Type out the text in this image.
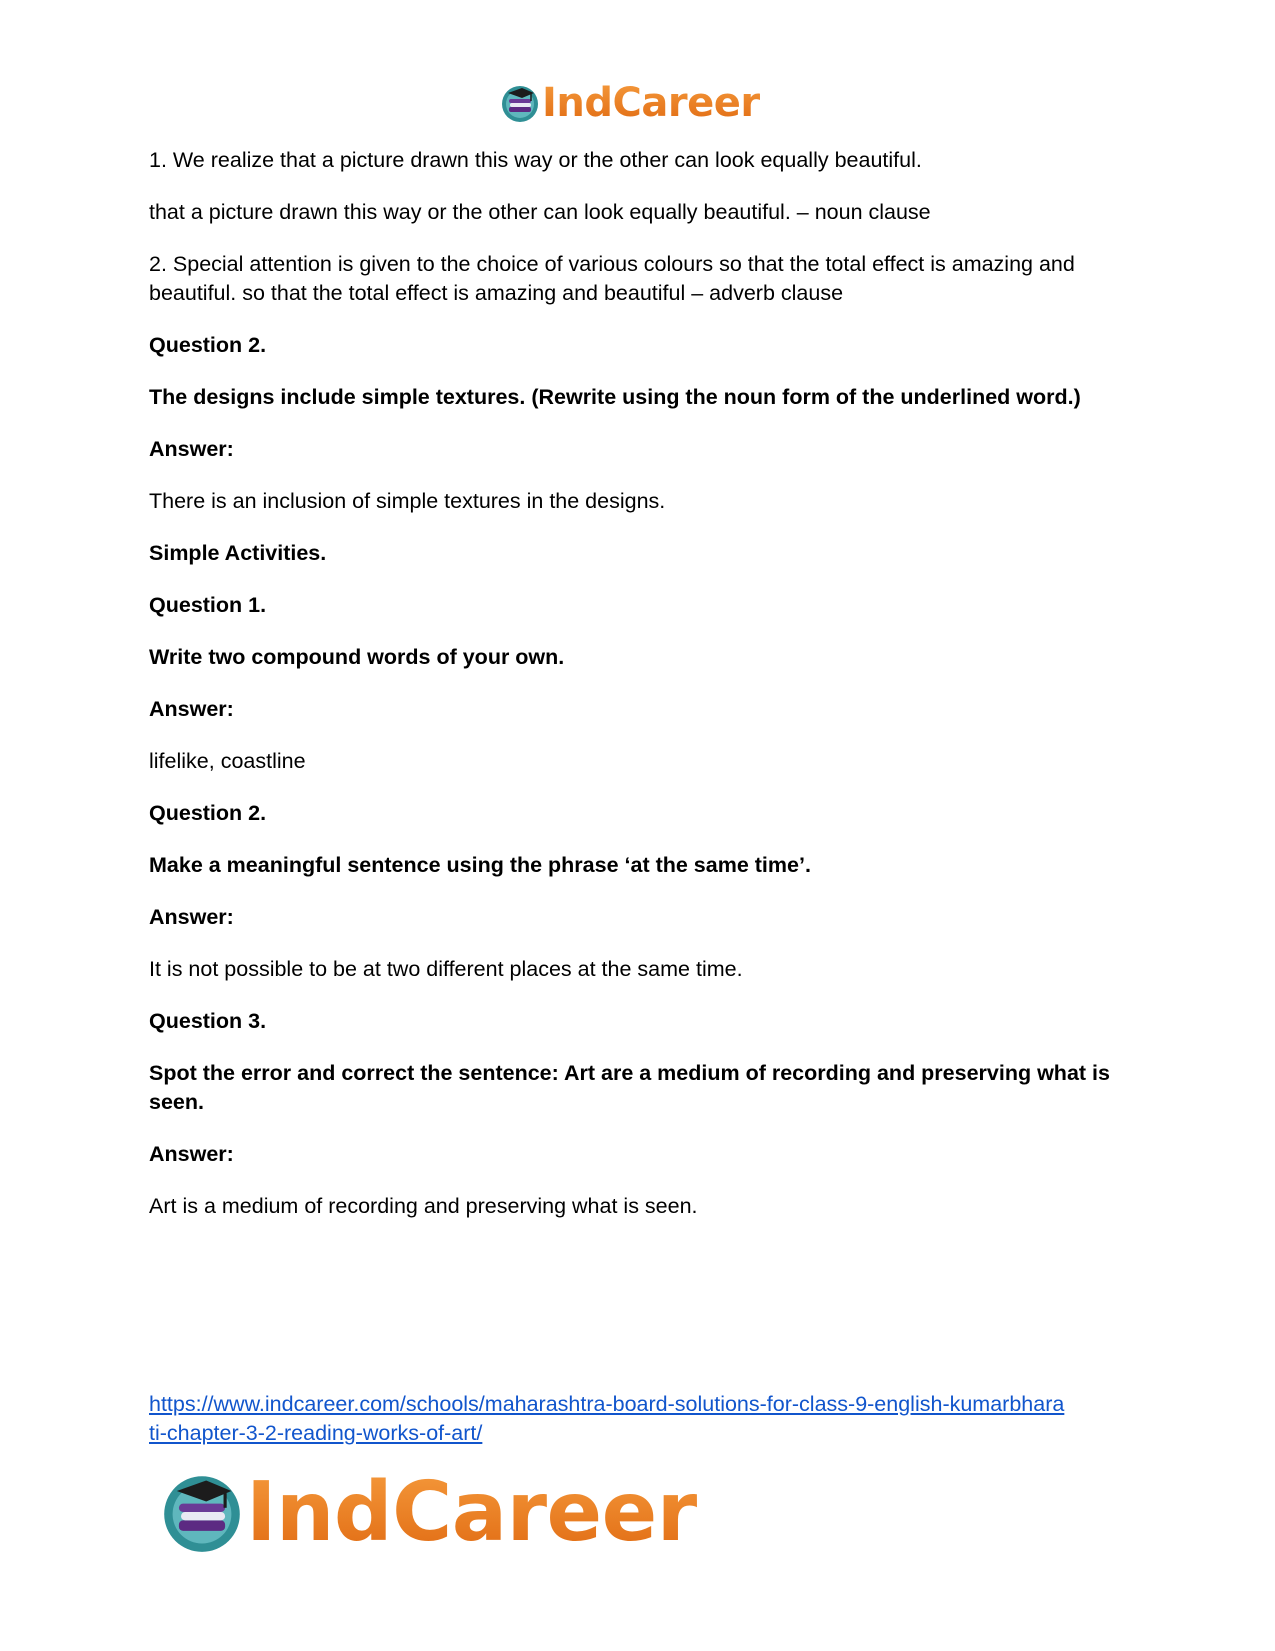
IndCareer

1. We realize that a picture drawn this way or the other can look equally beautiful.

that a picture drawn this way or the other can look equally beautiful. – noun clause

2. Special attention is given to the choice of various colours so that the total effect is amazing and beautiful. so that the total effect is amazing and beautiful – adverb clause

Question 2.

The designs include simple textures. (Rewrite using the noun form of the underlined word.)

Answer:

There is an inclusion of simple textures in the designs.

Simple Activities.

Question 1.

Write two compound words of your own.

Answer:

lifelike, coastline

Question 2.

Make a meaningful sentence using the phrase ‘at the same time’.

Answer:

It is not possible to be at two different places at the same time.

Question 3.

Spot the error and correct the sentence: Art are a medium of recording and preserving what is seen.

Answer:

Art is a medium of recording and preserving what is seen.

https://www.indcareer.com/schools/maharashtra-board-solutions-for-class-9-english-kumarbhara
ti-chapter-3-2-reading-works-of-art/
IndCareer
